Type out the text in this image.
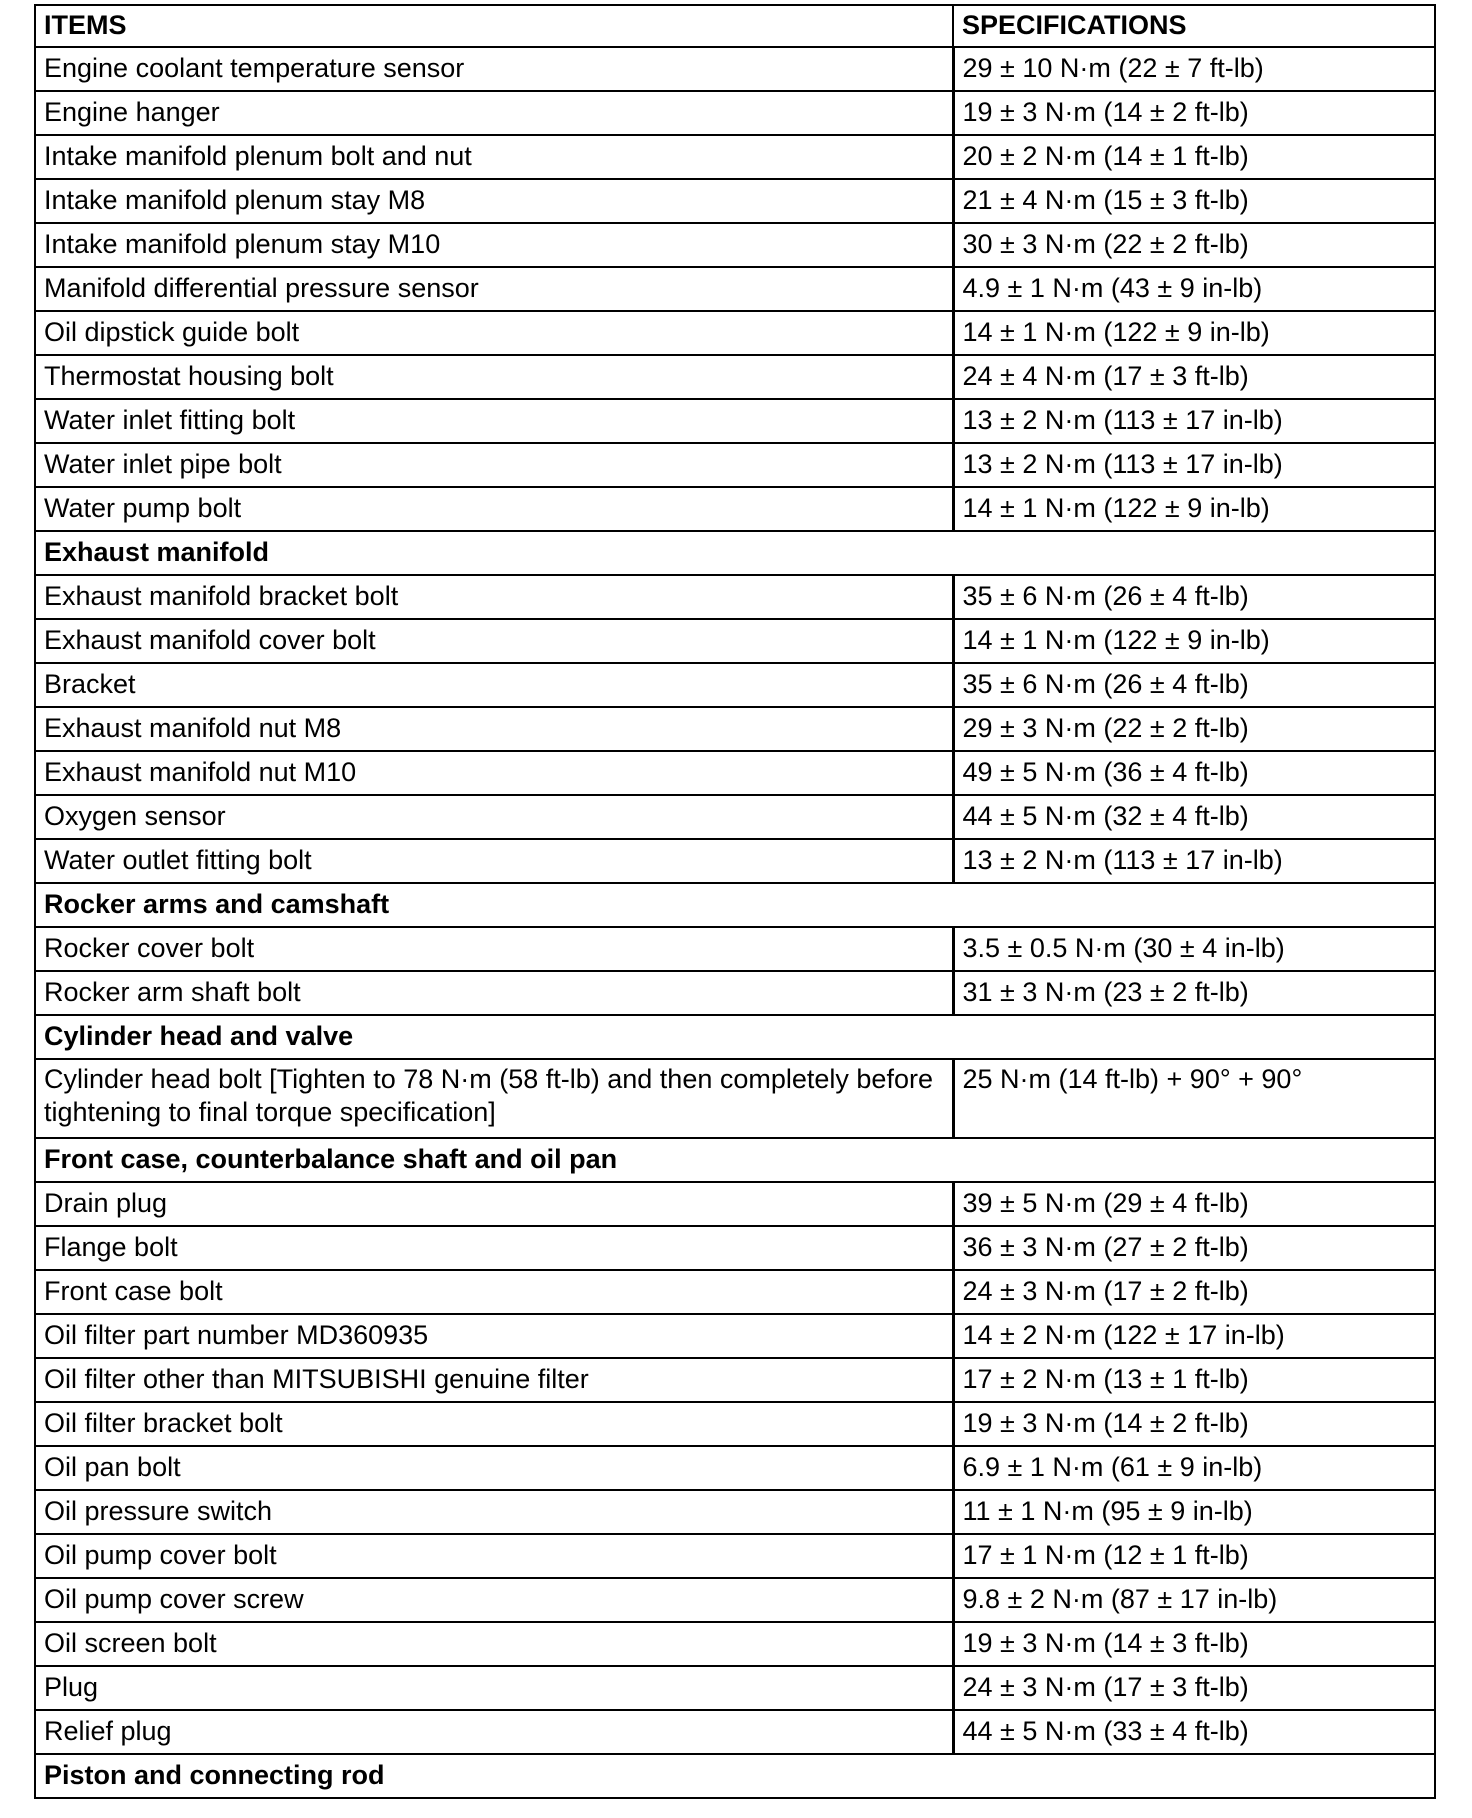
ITEMS	SPECIFICATIONS
Engine coolant temperature sensor	29 ± 10 N·m (22 ± 7 ft-lb)
Engine hanger	19 ± 3 N·m (14 ± 2 ft-lb)
Intake manifold plenum bolt and nut	20 ± 2 N·m (14 ± 1 ft-lb)
Intake manifold plenum stay M8	21 ± 4 N·m (15 ± 3 ft-lb)
Intake manifold plenum stay M10	30 ± 3 N·m (22 ± 2 ft-lb)
Manifold differential pressure sensor	4.9 ± 1 N·m (43 ± 9 in-lb)
Oil dipstick guide bolt	14 ± 1 N·m (122 ± 9 in-lb)
Thermostat housing bolt	24 ± 4 N·m (17 ± 3 ft-lb)
Water inlet fitting bolt	13 ± 2 N·m (113 ± 17 in-lb)
Water inlet pipe bolt	13 ± 2 N·m (113 ± 17 in-lb)
Water pump bolt	14 ± 1 N·m (122 ± 9 in-lb)
Exhaust manifold	
Exhaust manifold bracket bolt	35 ± 6 N·m (26 ± 4 ft-lb)
Exhaust manifold cover bolt	14 ± 1 N·m (122 ± 9 in-lb)
Bracket	35 ± 6 N·m (26 ± 4 ft-lb)
Exhaust manifold nut M8	29 ± 3 N·m (22 ± 2 ft-lb)
Exhaust manifold nut M10	49 ± 5 N·m (36 ± 4 ft-lb)
Oxygen sensor	44 ± 5 N·m (32 ± 4 ft-lb)
Water outlet fitting bolt	13 ± 2 N·m (113 ± 17 in-lb)
Rocker arms and camshaft	
Rocker cover bolt	3.5 ± 0.5 N·m (30 ± 4 in-lb)
Rocker arm shaft bolt	31 ± 3 N·m (23 ± 2 ft-lb)
Cylinder head and valve	
Cylinder head bolt [Tighten to 78 N·m (58 ft-lb) and then completely before tightening to final torque specification]	25 N·m (14 ft-lb) + 90° + 90°
Front case, counterbalance shaft and oil pan	
Drain plug	39 ± 5 N·m (29 ± 4 ft-lb)
Flange bolt	36 ± 3 N·m (27 ± 2 ft-lb)
Front case bolt	24 ± 3 N·m (17 ± 2 ft-lb)
Oil filter part number MD360935	14 ± 2 N·m (122 ± 17 in-lb)
Oil filter other than MITSUBISHI genuine filter	17 ± 2 N·m (13 ± 1 ft-lb)
Oil filter bracket bolt	19 ± 3 N·m (14 ± 2 ft-lb)
Oil pan bolt	6.9 ± 1 N·m (61 ± 9 in-lb)
Oil pressure switch	11 ± 1 N·m (95 ± 9 in-lb)
Oil pump cover bolt	17 ± 1 N·m (12 ± 1 ft-lb)
Oil pump cover screw	9.8 ± 2 N·m (87 ± 17 in-lb)
Oil screen bolt	19 ± 3 N·m (14 ± 3 ft-lb)
Plug	24 ± 3 N·m (17 ± 3 ft-lb)
Relief plug	44 ± 5 N·m (33 ± 4 ft-lb)
Piston and connecting rod	
